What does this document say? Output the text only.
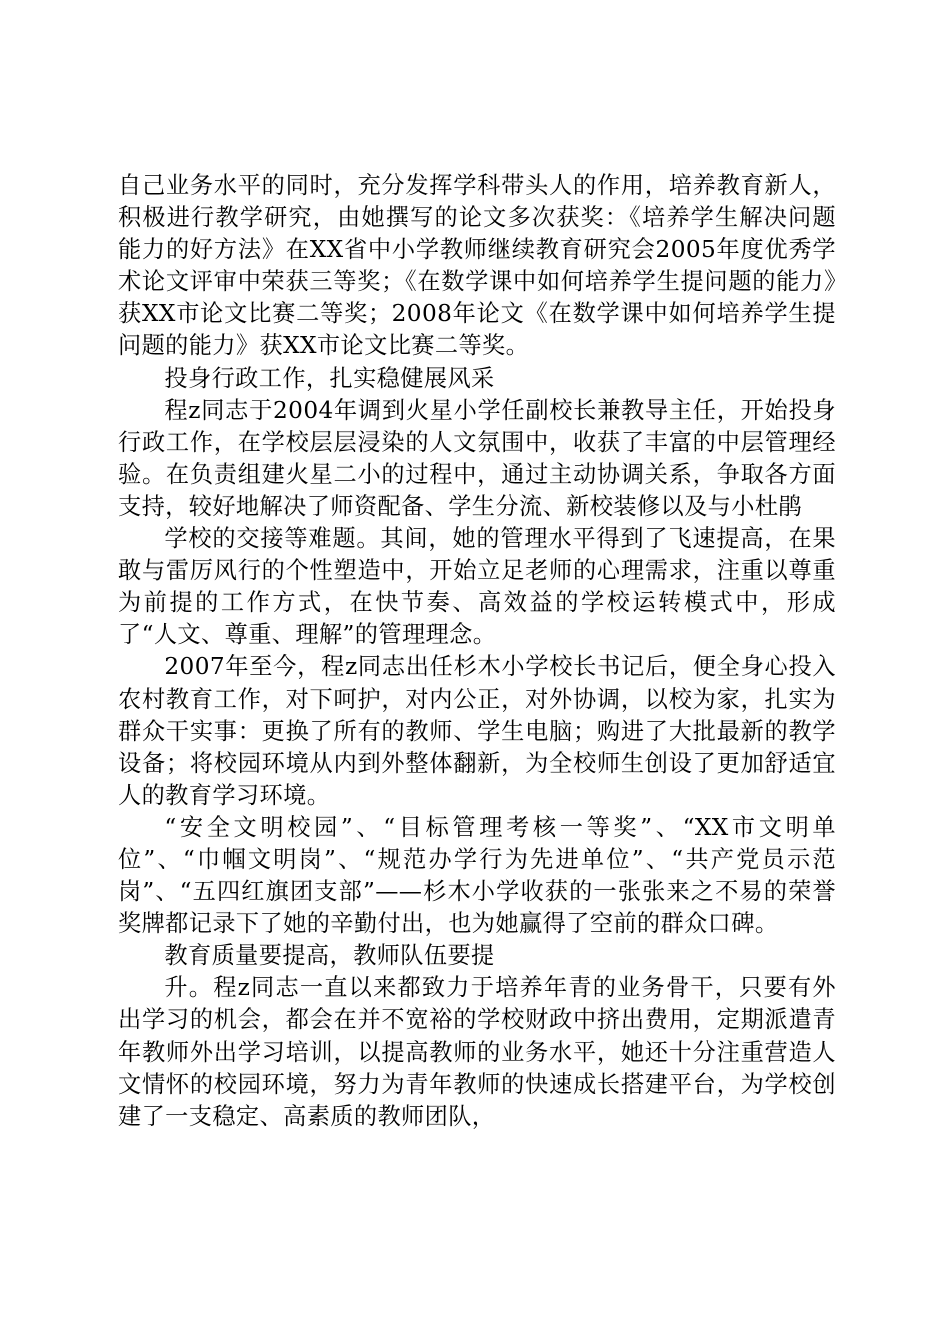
自己业务水平的同时，充分发挥学科带头人的作用，培养教育新人，积极进行教学研究，由她撰写的论文多次获奖：《培养学生解决问题能力的好方法》在XX省中小学教师继续教育研究会2005年度优秀学术论文评审中荣获三等奖；《在数学课中如何培养学生提问题的能力》获XX市论文比赛二等奖；2008年论文《在数学课中如何培养学生提问题的能力》获XX市论文比赛二等奖。

投身行政工作，扎实稳健展风采

程z同志于2004年调到火星小学任副校长兼教导主任，开始投身行政工作，在学校层层浸染的人文氛围中，收获了丰富的中层管理经验。在负责组建火星二小的过程中，通过主动协调关系，争取各方面支持，较好地解决了师资配备、学生分流、新校装修以及与小杜鹃

学校的交接等难题。其间，她的管理水平得到了飞速提高，在果敢与雷厉风行的个性塑造中，开始立足老师的心理需求，注重以尊重为前提的工作方式，在快节奏、高效益的学校运转模式中，形成了“人文、尊重、理解”的管理理念。

2007年至今，程z同志出任杉木小学校长书记后，便全身心投入农村教育工作，对下呵护，对内公正，对外协调，以校为家，扎实为群众干实事：更换了所有的教师、学生电脑；购进了大批最新的教学设备；将校园环境从内到外整体翻新，为全校师生创设了更加舒适宜人的教育学习环境。

“安全文明校园”、“目标管理考核一等奖”、“XX市文明单位”、“巾帼文明岗”、“规范办学行为先进单位”、“共产党员示范岗”、“五四红旗团支部”——杉木小学收获的一张张来之不易的荣誉奖牌都记录下了她的辛勤付出，也为她赢得了空前的群众口碑。

教育质量要提高，教师队伍要提

升。程z同志一直以来都致力于培养年青的业务骨干，只要有外出学习的机会，都会在并不宽裕的学校财政中挤出费用，定期派遣青年教师外出学习培训，以提高教师的业务水平，她还十分注重营造人文情怀的校园环境，努力为青年教师的快速成长搭建平台，为学校创建了一支稳定、高素质的教师团队，
